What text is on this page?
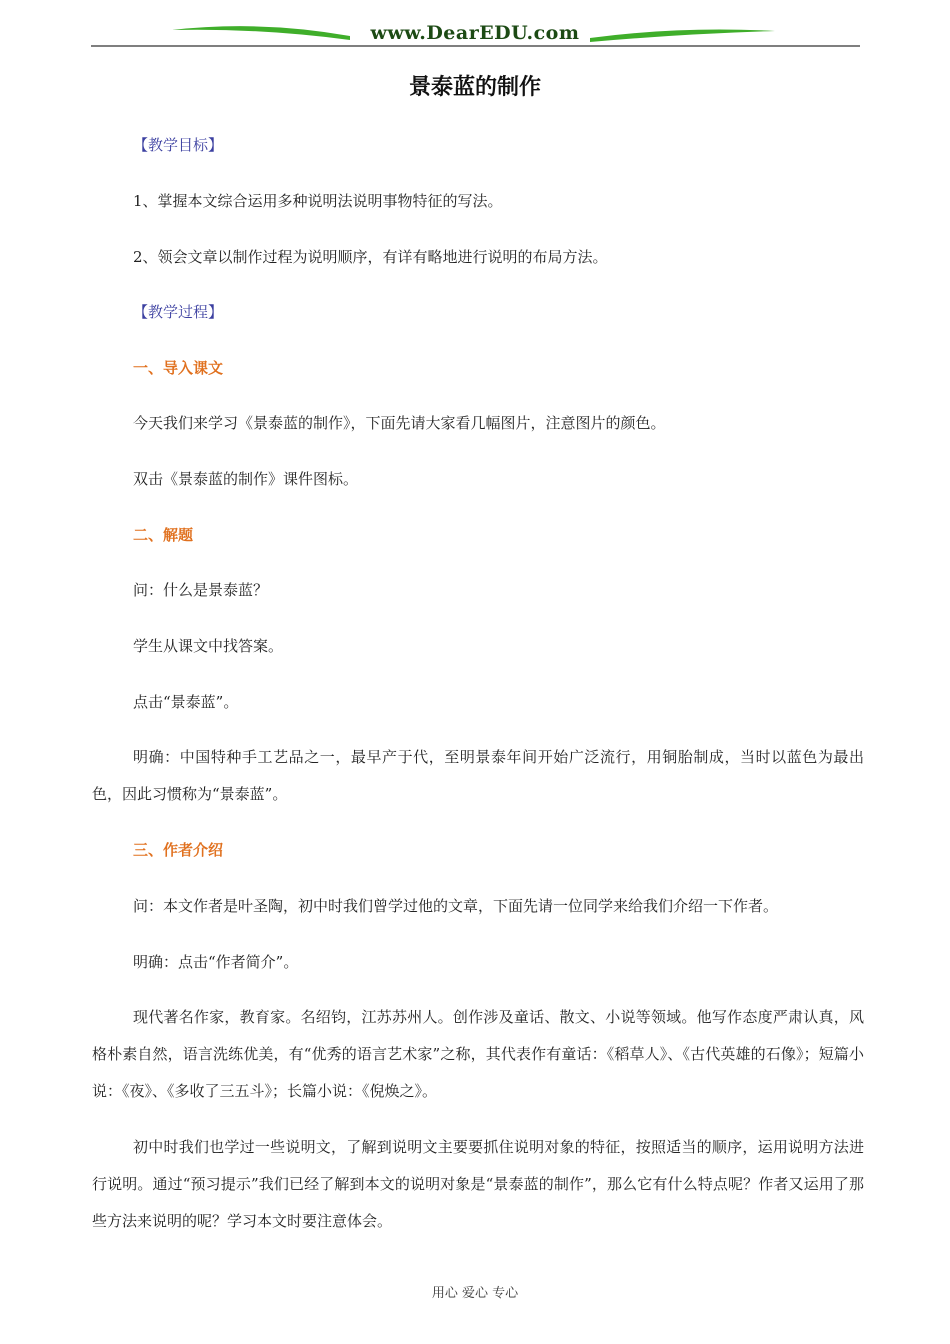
www.DearEDU.com
景泰蓝的制作
【教学目标】
1、掌握本文综合运用多种说明法说明事物特征的写法。
2、领会文章以制作过程为说明顺序，有详有略地进行说明的布局方法。
【教学过程】
一、导入课文
今天我们来学习《景泰蓝的制作》，下面先请大家看几幅图片，注意图片的颜色。
双击《景泰蓝的制作》课件图标。
二、解题
问：什么是景泰蓝？
学生从课文中找答案。
点击“景泰蓝”。
明确：中国特种手工艺品之一，最早产于代，至明景泰年间开始广泛流行，用铜胎制成，当时以蓝色为最出色，因此习惯称为“景泰蓝”。
三、作者介绍
问：本文作者是叶圣陶，初中时我们曾学过他的文章，下面先请一位同学来给我们介绍一下作者。
明确：点击“作者简介”。
现代著名作家，教育家。名绍钧，江苏苏州人。创作涉及童话、散文、小说等领域。他写作态度严肃认真，风格朴素自然，语言洗练优美，有“优秀的语言艺术家”之称，其代表作有童话：《稻草人》、《古代英雄的石像》；短篇小说：《夜》、《多收了三五斗》；长篇小说：《倪焕之》。
初中时我们也学过一些说明文，了解到说明文主要要抓住说明对象的特征，按照适当的顺序，运用说明方法进行说明。通过“预习提示”我们已经了解到本文的说明对象是“景泰蓝的制作”，那么它有什么特点呢？作者又运用了那些方法来说明的呢？学习本文时要注意体会。
用心 爱心 专心
